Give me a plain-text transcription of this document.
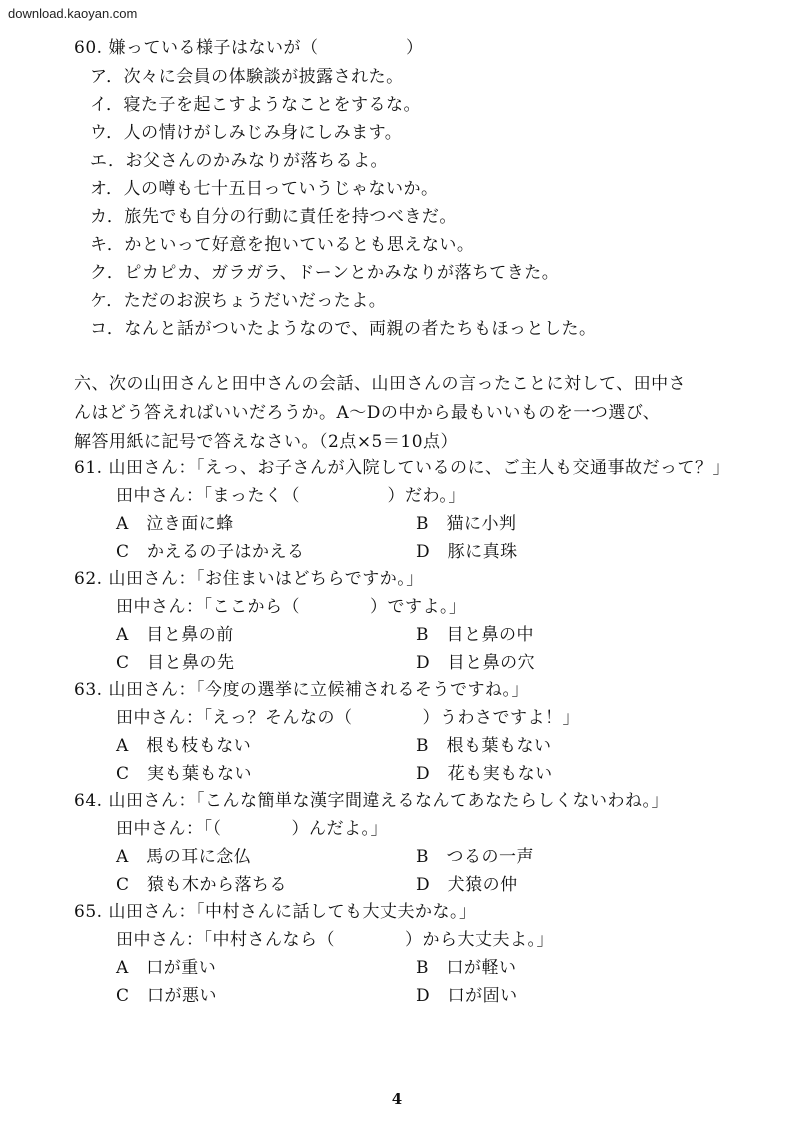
download.kaoyan.com
60. 嫌っている様子はないが（　　　　　）
ア．次々に会員の体験談が披露された。
イ．寝た子を起こすようなことをするな。
ウ．人の情けがしみじみ身にしみます。
エ．お父さんのかみなりが落ちるよ。
オ．人の噂も七十五日っていうじゃないか。
カ．旅先でも自分の行動に責任を持つべきだ。
キ．かといって好意を抱いているとも思えない。
ク．ピカピカ、ガラガラ、ドーンとかみなりが落ちてきた。
ケ．ただのお涙ちょうだいだったよ。
コ．なんと話がついたようなので、両親の者たちもほっとした。
六、次の山田さんと田中さんの会話、山田さんの言ったことに対して、田中さ
んはどう答えればいいだろうか。A～Dの中から最もいいものを一つ選び、
解答用紙に記号で答えなさい。（2点×5＝10点）
61. 山田さん：「えっ、お子さんが入院しているのに、ご主人も交通事故だって？」
田中さん：「まったく（　　　　　）だわ。」
A　泣き面に蜂	B　猫に小判
C　かえるの子はかえる	D　豚に真珠
62. 山田さん：「お住まいはどちらですか。」
田中さん：「ここから（　　　　）ですよ。」
A　目と鼻の前	B　目と鼻の中
C　目と鼻の先	D　目と鼻の穴
63. 山田さん：「今度の選挙に立候補されるそうですね。」
田中さん：「えっ？そんなの（　　　　）うわさですよ！」
A　根も枝もない	B　根も葉もない
C　実も葉もない	D　花も実もない
64. 山田さん：「こんな簡単な漢字間違えるなんてあなたらしくないわね。」
田中さん：「（　　　　）んだよ。」
A　馬の耳に念仏	B　つるの一声
C　猿も木から落ちる	D　犬猿の仲
65. 山田さん：「中村さんに話しても大丈夫かな。」
田中さん：「中村さんなら（　　　　）から大丈夫よ。」
A　口が重い	B　口が軽い
C　口が悪い	D　口が固い
4
